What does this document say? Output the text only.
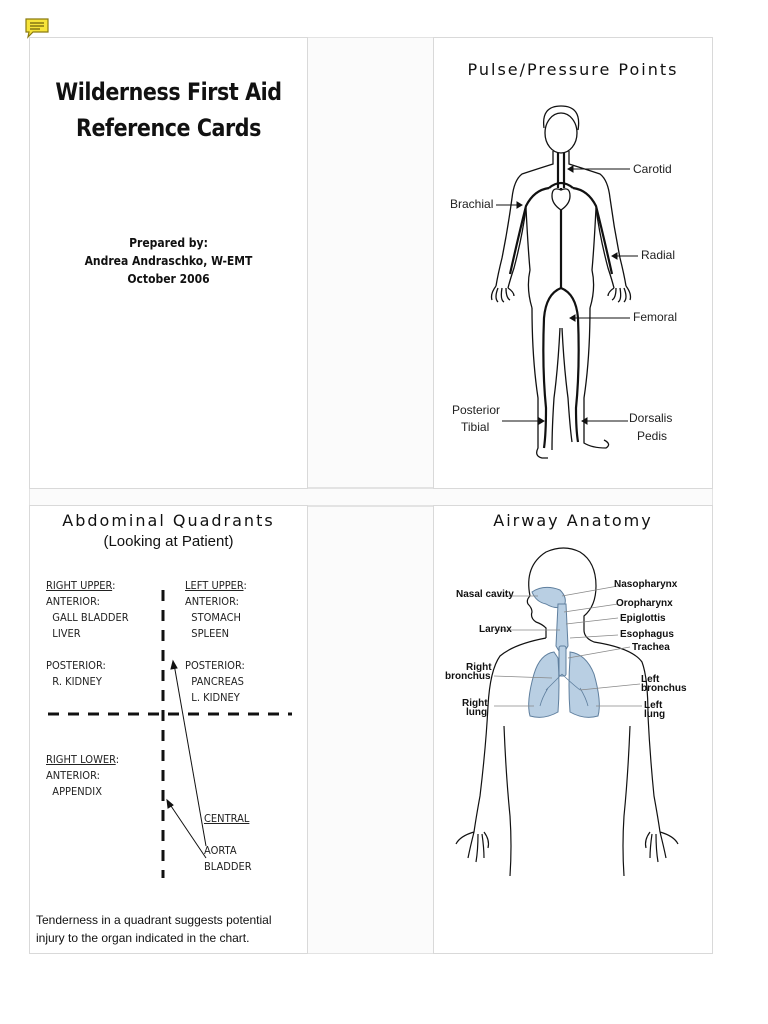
Wilderness First Aid
Reference Cards
Prepared by:
Andrea Andraschko, W-EMT
October 2006
Pulse/Pressure Points
Carotid
Brachial
Radial
Femoral
Posterior
Tibial
Dorsalis
Pedis
Abdominal Quadrants
(Looking at Patient)
RIGHT UPPER:
ANTERIOR:
GALL BLADDER
LIVER
POSTERIOR:
R. KIDNEY
LEFT UPPER:
ANTERIOR:
STOMACH
SPLEEN
POSTERIOR:
PANCREAS
L. KIDNEY
RIGHT LOWER:
ANTERIOR:
APPENDIX
CENTRAL
AORTA
BLADDER
Tenderness in a quadrant suggests potential injury to the organ indicated in the chart.
Airway Anatomy
Nasal cavity
Nasopharynx
Oropharynx
Epiglottis
Larynx	Esophagus
Trachea
Right
bronchus	Left
bronchus
Right
lung
Left
lung
